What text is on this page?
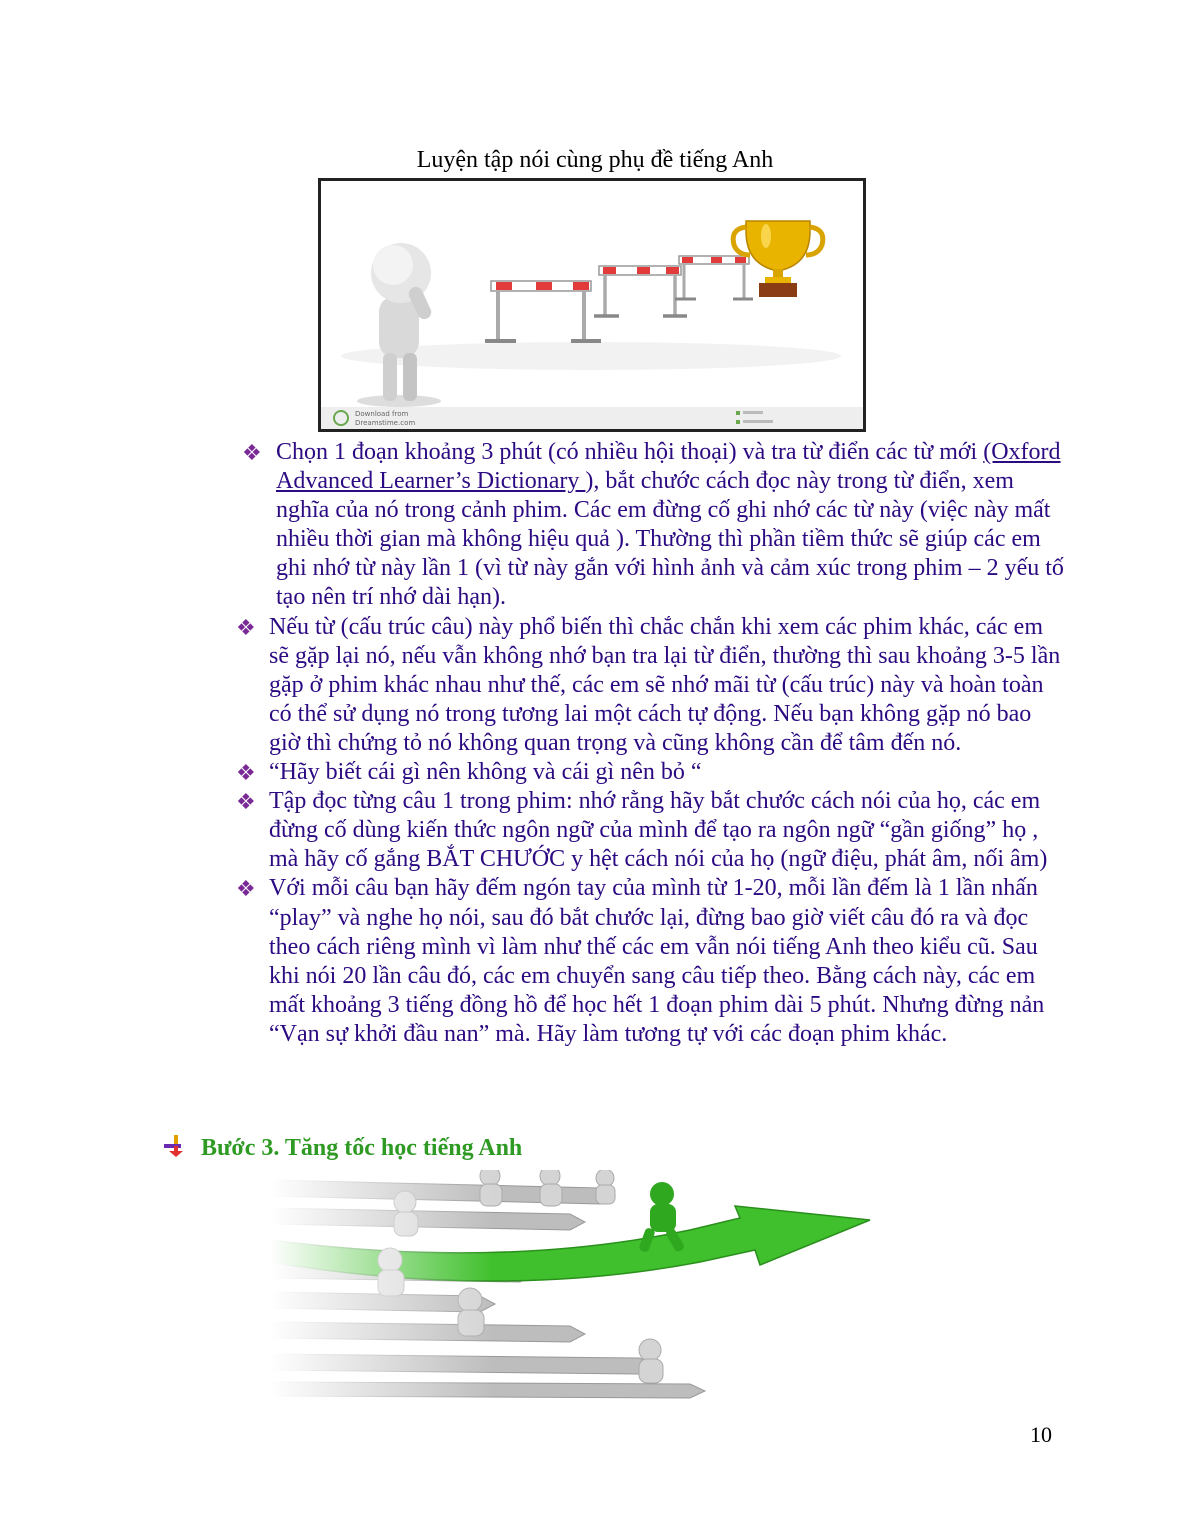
Luyện tập nói cùng phụ đề tiếng Anh
Download from
Dreamstime.com

❖ Chọn 1 đoạn khoảng 3 phút (có nhiều hội thoại) và tra từ điển các từ mới (Oxford Advanced Learner’s Dictionary ), bắt chước cách đọc này trong từ điển, xem nghĩa của nó trong cảnh phim. Các em đừng cố ghi nhớ các từ này (việc này mất nhiều thời gian mà không hiệu quả ). Thường thì phần tiềm thức sẽ giúp các em ghi nhớ từ này lần 1 (vì từ này gắn với hình ảnh và cảm xúc trong phim – 2 yếu tố tạo nên trí nhớ dài hạn).

❖ Nếu từ (cấu trúc câu) này phổ biến thì chắc chắn khi xem các phim khác, các em sẽ gặp lại nó, nếu vẫn không nhớ bạn tra lại từ điển, thường thì sau khoảng 3-5 lần gặp ở phim khác nhau như thế, các em sẽ nhớ mãi từ (cấu trúc) này và hoàn toàn có thể sử dụng nó trong tương lai một cách tự động. Nếu bạn không gặp nó bao giờ thì chứng tỏ nó không quan trọng và cũng không cần để tâm đến nó.

❖ “Hãy biết cái gì nên không và cái gì nên bỏ “

❖ Tập đọc từng câu 1 trong phim: nhớ rằng hãy bắt chước cách nói của họ, các em đừng cố dùng kiến thức ngôn ngữ của mình để tạo ra ngôn ngữ “gần giống” họ , mà hãy cố gắng BẮT CHƯỚC y hệt cách nói của họ (ngữ điệu, phát âm, nối âm)

❖ Với mỗi câu bạn hãy đếm ngón tay của mình từ 1-20, mỗi lần đếm là 1 lần nhấn “play” và nghe họ nói, sau đó bắt chước lại, đừng bao giờ viết câu đó ra và đọc theo cách riêng mình vì làm như thế các em vẫn nói tiếng Anh theo kiểu cũ. Sau khi nói 20 lần câu đó, các em chuyển sang câu tiếp theo. Bằng cách này, các em mất khoảng 3 tiếng đồng hồ để học hết 1 đoạn phim dài 5 phút. Nhưng đừng nản “Vạn sự khởi đầu nan” mà. Hãy làm tương tự với các đoạn phim khác.

Bước 3. Tăng tốc học tiếng Anh
10
